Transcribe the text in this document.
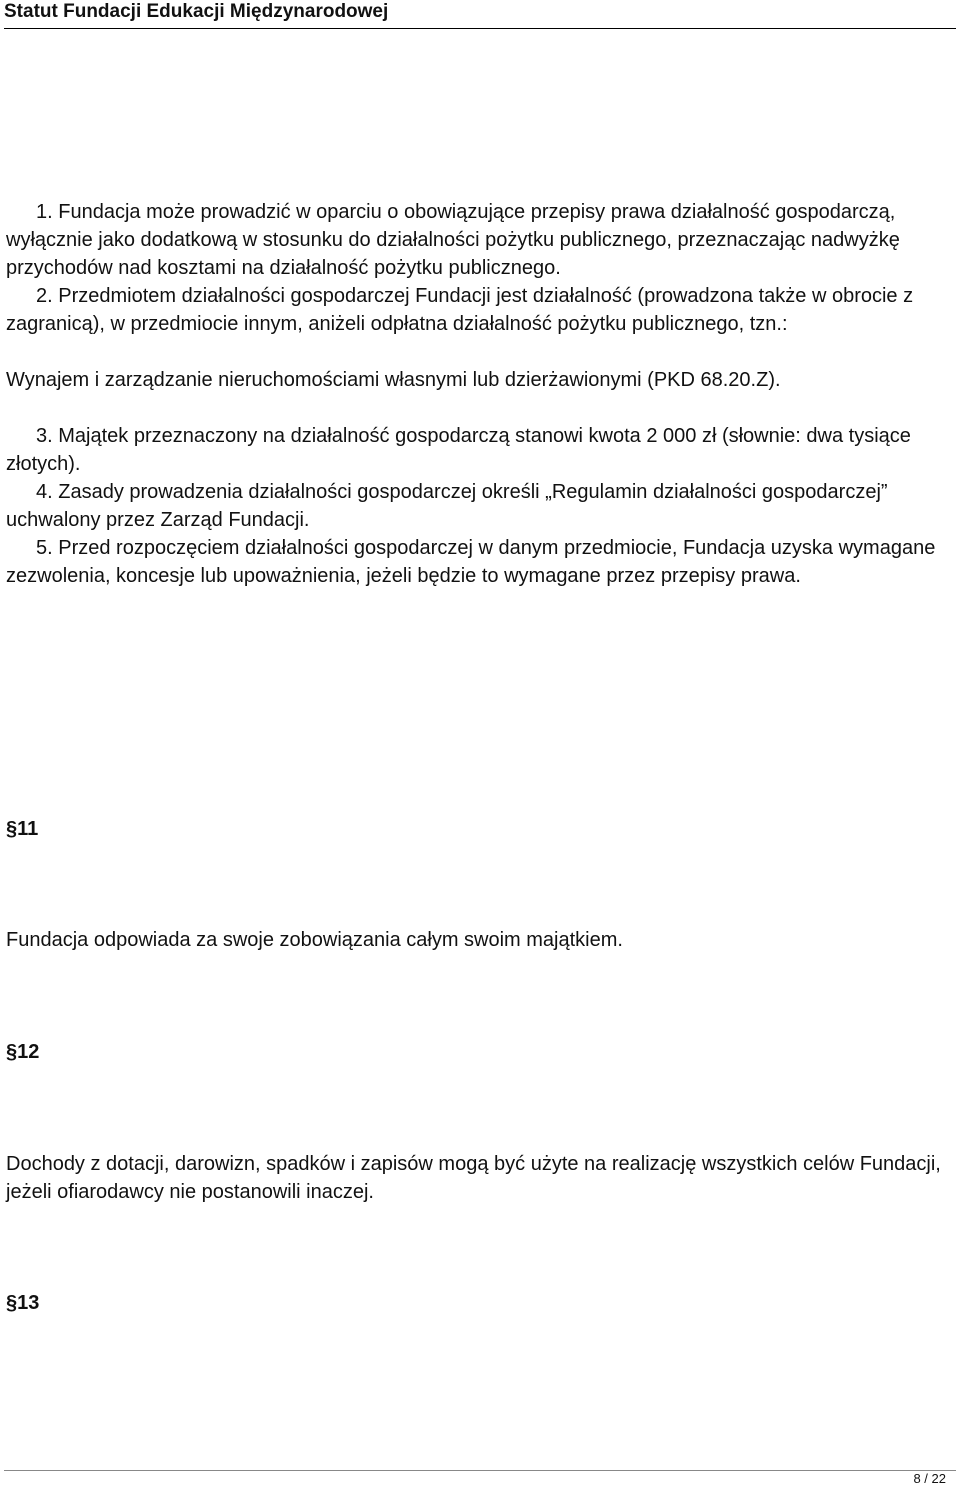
Statut Fundacji Edukacji Międzynarodowej

1. Fundacja może prowadzić w oparciu o obowiązujące przepisy prawa działalność gospodarczą, wyłącznie jako dodatkową w stosunku do działalności pożytku publicznego, przeznaczając nadwyżkę przychodów nad kosztami na działalność pożytku publicznego.

2. Przedmiotem działalności gospodarczej Fundacji jest działalność (prowadzona także w obrocie z zagranicą), w przedmiocie innym, aniżeli odpłatna działalność pożytku publicznego, tzn.:

Wynajem i zarządzanie nieruchomościami własnymi lub dzierżawionymi (PKD 68.20.Z).

3. Majątek przeznaczony na działalność gospodarczą stanowi kwota 2 000 zł (słownie: dwa tysiące złotych).

4. Zasady prowadzenia działalności gospodarczej określi „Regulamin działalności gospodarczej” uchwalony przez Zarząd Fundacji.

5. Przed rozpoczęciem działalności gospodarczej w danym przedmiocie, Fundacja uzyska wymagane zezwolenia, koncesje lub upoważnienia, jeżeli będzie to wymagane przez przepisy prawa.

§11

Fundacja odpowiada za swoje zobowiązania całym swoim majątkiem.

§12

Dochody z dotacji, darowizn, spadków i zapisów mogą być użyte na realizację wszystkich celów Fundacji, jeżeli ofiarodawcy nie postanowili inaczej.

§13

8 / 22
